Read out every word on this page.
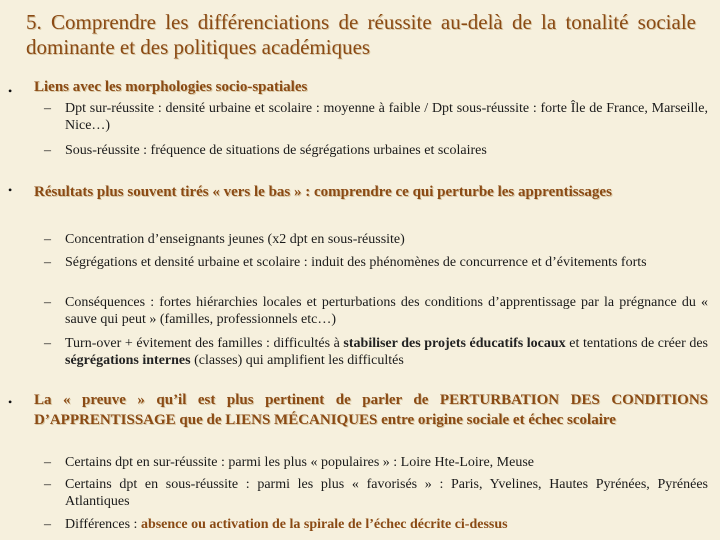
5. Comprendre les différenciations de réussite au-delà de la tonalité sociale dominante et des politiques académiques
• Liens avec les morphologies socio-spatiales
– Dpt sur-réussite : densité urbaine et scolaire : moyenne à faible / Dpt sous-réussite : forte Île de France, Marseille, Nice…)
– Sous-réussite : fréquence de situations de ségrégations urbaines et scolaires
• Résultats plus souvent tirés « vers le bas » : comprendre ce qui perturbe les apprentissages
– Concentration d’enseignants jeunes (x2 dpt en sous-réussite)
– Ségrégations et densité urbaine et scolaire : induit des phénomènes de concurrence et d’évitements forts
– Conséquences : fortes hiérarchies locales et perturbations des conditions d’apprentissage par la prégnance du « sauve qui peut » (familles, professionnels etc…)
– Turn-over + évitement des familles : difficultés à stabiliser des projets éducatifs locaux et tentations de créer des ségrégations internes (classes) qui amplifient les difficultés
• La « preuve » qu’il est plus pertinent de parler de PERTURBATION DES CONDITIONS D’APPRENTISSAGE que de LIENS MÉCANIQUES entre origine sociale et échec scolaire
– Certains dpt en sur-réussite : parmi les plus « populaires » : Loire Hte-Loire, Meuse
– Certains dpt en sous-réussite : parmi les plus « favorisés » : Paris, Yvelines, Hautes Pyrénées, Pyrénées Atlantiques
– Différences : absence ou activation de la spirale de l’échec décrite ci-dessus
